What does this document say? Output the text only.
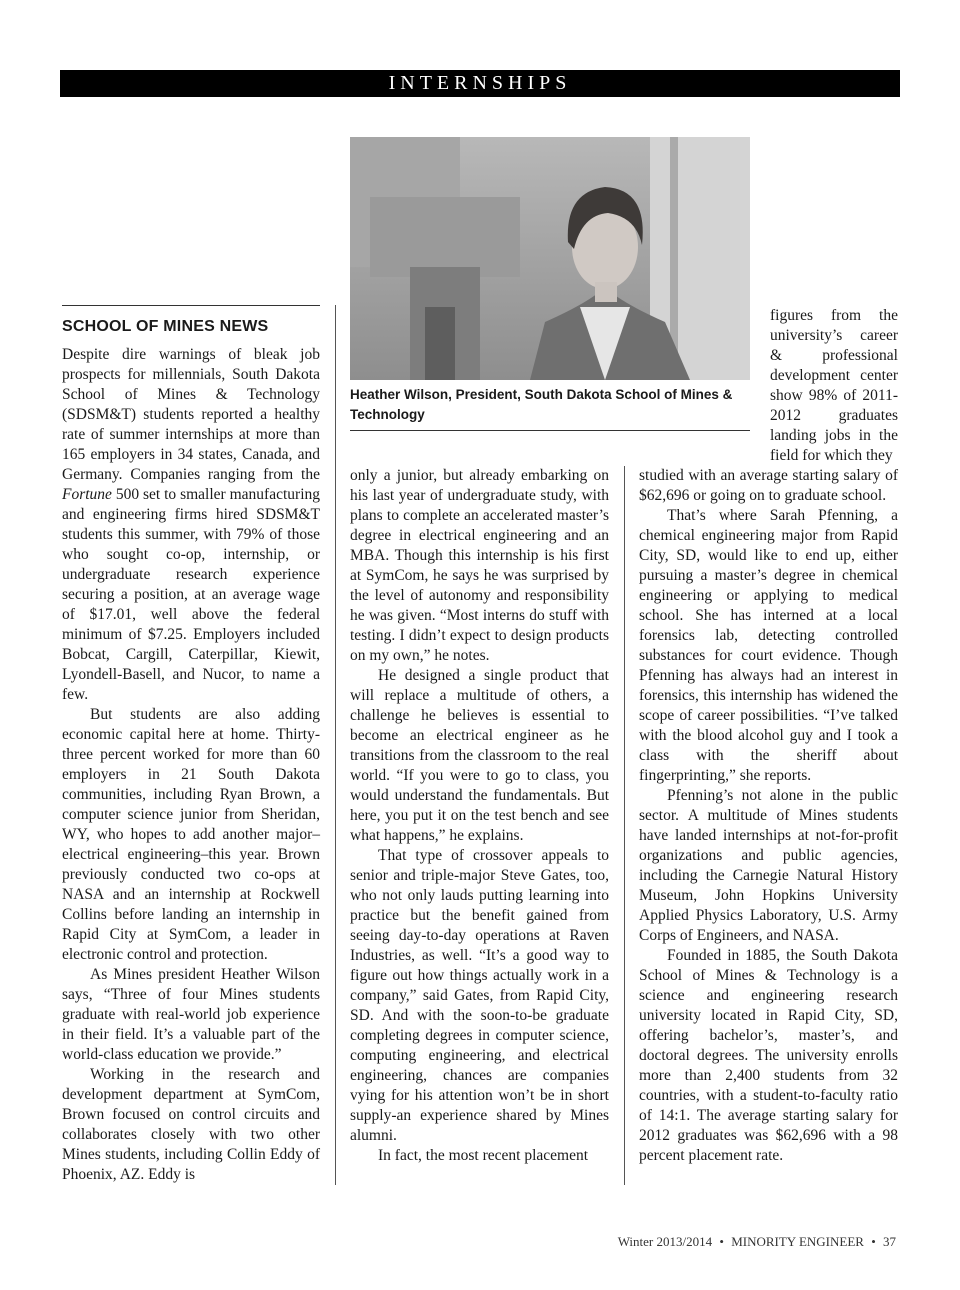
INTERNSHIPS
SCHOOL OF MINES NEWS

Despite dire warnings of bleak job prospects for millennials, South Dakota School of Mines & Technology (SDSM&T) students reported a healthy rate of summer internships at more than 165 employers in 34 states, Canada, and Germany. Companies ranging from the Fortune 500 set to smaller manufacturing and engineering firms hired SDSM&T students this summer, with 79% of those who sought co-op, internship, or undergraduate research experience securing a position, at an average wage of $17.01, well above the federal minimum of $7.25. Employers included Bobcat, Cargill, Caterpillar, Kiewit, Lyondell-Basell, and Nucor, to name a few.

But students are also adding economic capital here at home. Thirty-three percent worked for more than 60 employers in 21 South Dakota communities, including Ryan Brown, a computer science junior from Sheridan, WY, who hopes to add another major–electrical engineering–this year. Brown previously conducted two co-ops at NASA and an internship at Rockwell Collins before landing an internship in Rapid City at SymCom, a leader in electronic control and protection.

As Mines president Heather Wilson says, “Three of four Mines students graduate with real-world job experience in their field. It’s a valuable part of the world-class education we provide.”

Working in the research and development department at SymCom, Brown focused on control circuits and collaborates closely with two other Mines students, including Collin Eddy of Phoenix, AZ. Eddy is

Heather Wilson, President, South Dakota School of Mines & Technology

only a junior, but already embarking on his last year of undergraduate study, with plans to complete an accelerated master’s degree in electrical engineering and an MBA. Though this internship is his first at SymCom, he says he was surprised by the level of autonomy and responsibility he was given. “Most interns do stuff with testing. I didn’t expect to design products on my own,” he notes.

He designed a single product that will replace a multitude of others, a challenge he believes is essential to become an electrical engineer as he transitions from the classroom to the real world. “If you were to go to class, you would understand the fundamentals. But here, you put it on the test bench and see what happens,” he explains.

That type of crossover appeals to senior and triple-major Steve Gates, too, who not only lauds putting learning into practice but the benefit gained from seeing day-to-day operations at Raven Industries, as well. “It’s a good way to figure out how things actually work in a company,” said Gates, from Rapid City, SD. And with the soon-to-be graduate completing degrees in computer science, computing engineering, and electrical engineering, chances are companies vying for his attention won’t be in short supply-an experience shared by Mines alumni.

In fact, the most recent placement

figures from the university’s career & professional development center show 98% of 2011-2012 graduates landing jobs in the field for which they

studied with an average starting salary of $62,696 or going on to graduate school.

That’s where Sarah Pfenning, a chemical engineering major from Rapid City, SD, would like to end up, either pursuing a master’s degree in chemical engineering or applying to medical school. She has interned at a local forensics lab, detecting controlled substances for court evidence. Though Pfenning has always had an interest in forensics, this internship has widened the scope of career possibilities. “I’ve talked with the blood alcohol guy and I took a class with the sheriff about fingerprinting,” she reports.

Pfenning’s not alone in the public sector. A multitude of Mines students have landed internships at not-for-profit organizations and public agencies, including the Carnegie Natural History Museum, John Hopkins University Applied Physics Laboratory, U.S. Army Corps of Engineers, and NASA.

Founded in 1885, the South Dakota School of Mines & Technology is a science and engineering research university located in Rapid City, SD, offering bachelor’s, master’s, and doctoral degrees. The university enrolls more than 2,400 students from 32 countries, with a student-to-faculty ratio of 14:1. The average starting salary for 2012 graduates was $62,696 with a 98 percent placement rate.

Winter 2013/2014 • MINORITY ENGINEER • 37
